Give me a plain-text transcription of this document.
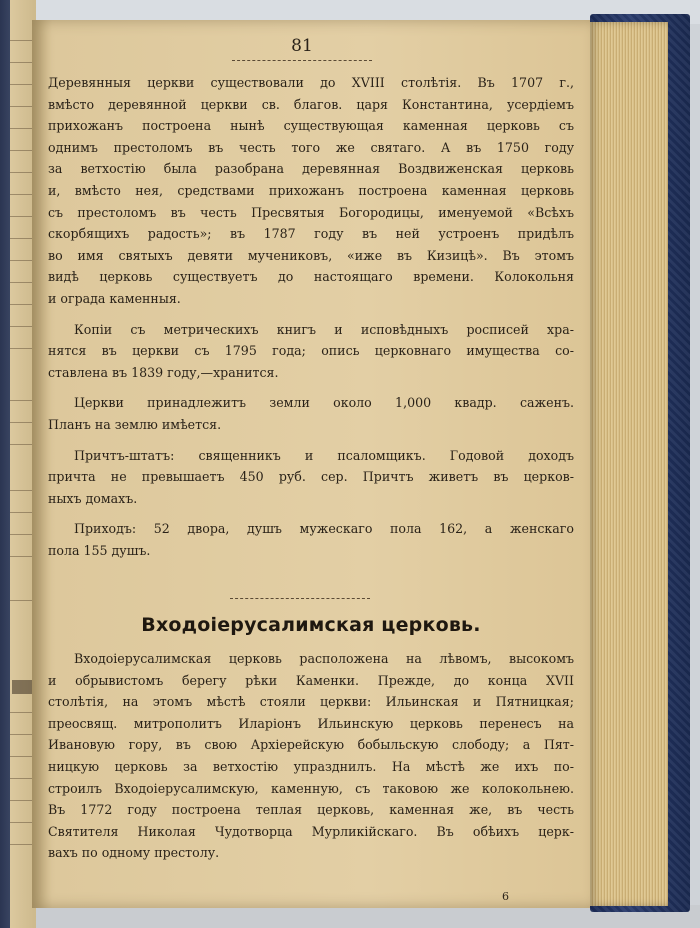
81
Деревянныя церкви существовали до XVIII столѣтія. Въ 1707 г.,
вмѣсто деревянной церкви св. благов. царя Константина, усердіемъ
прихожанъ построена нынѣ существующая каменная церковь съ
однимъ престоломъ въ честь того же святаго. А въ 1750 году
за ветхостію была разобрана деревянная Воздвиженская церковь
и, вмѣсто нея, средствами прихожанъ построена каменная церковь
съ престоломъ въ честь Пресвятыя Богородицы, именуемой «Всѣхъ
скорбящихъ радость»; въ 1787 году въ ней устроенъ придѣлъ
во имя святыхъ девяти мучениковъ, «иже въ Кизицѣ». Въ этомъ
видѣ церковь существуетъ до настоящаго времени. Колокольня
и ограда каменныя.
Копіи съ метрическихъ книгъ и исповѣдныхъ росписей хра-
нятся въ церкви съ 1795 года; опись церковнаго имущества со-
ставлена въ 1839 году,—хранится.
Церкви принадлежитъ земли около 1,000 квадр. саженъ.
Планъ на землю имѣется.
Причтъ-штатъ: священникъ и псаломщикъ. Годовой доходъ
причта не превышаетъ 450 руб. сер. Причтъ живетъ въ церков-
ныхъ домахъ.
Приходъ: 52 двора, душъ мужескаго пола 162, а женскаго
пола 155 душъ.
Входоіерусалимская церковь.
Входоіерусалимская церковь расположена на лѣвомъ, высокомъ
и обрывистомъ берегу рѣки Каменки. Прежде, до конца XVII
столѣтія, на этомъ мѣстѣ стояли церкви: Ильинская и Пятницкая;
преосвящ. митрополитъ Иларіонъ Ильинскую церковь перенесъ на
Ивановую гору, въ свою Архіерейскую бобыльскую слободу; а Пят-
ницкую церковь за ветхостію упразднилъ. На мѣстѣ же ихъ по-
строилъ Входоіерусалимскую, каменную, съ таковою же колокольнею.
Въ 1772 году построена теплая церковь, каменная же, въ честь
Святителя Николая Чудотворца Мурликійскаго. Въ обѣихъ церк-
вахъ по одному престолу.
6
